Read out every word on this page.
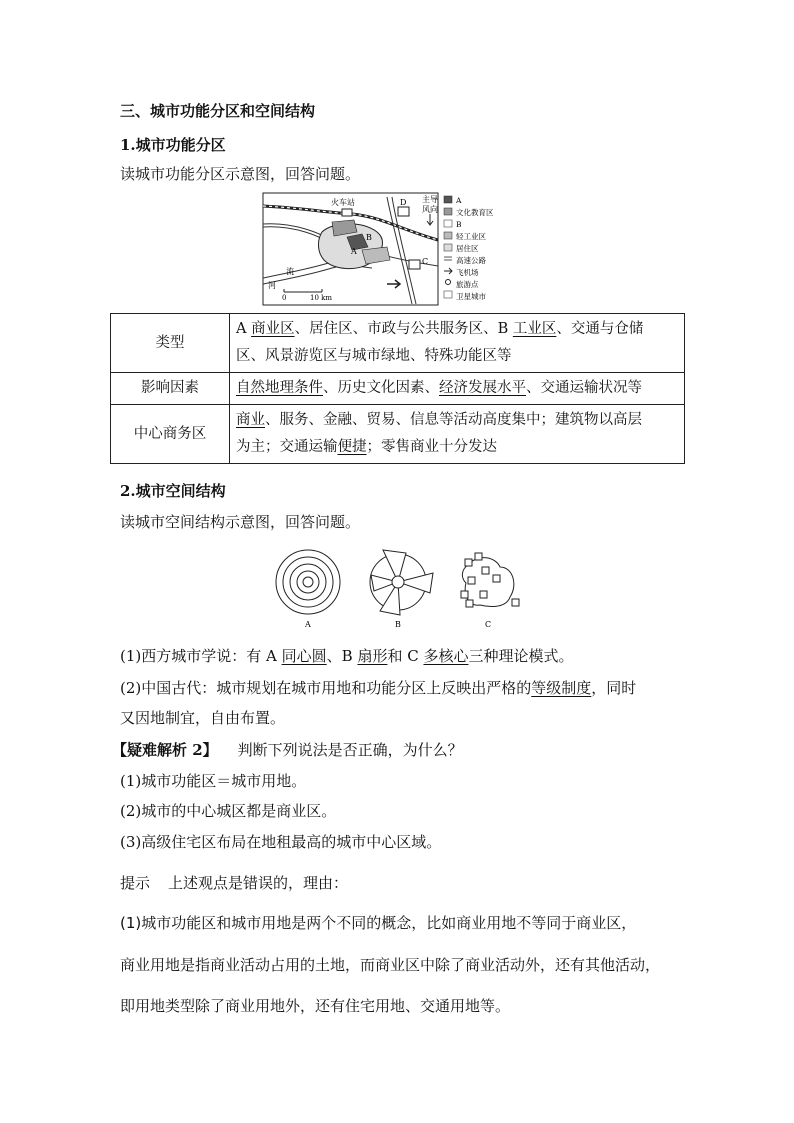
三、城市功能分区和空间结构
1.城市功能分区
读城市功能分区示意图，回答问题。
火车站
B
A
C
D 主导
风向
流
河
0	10 km
A
文化教育区
B
轻工业区
居住区
高速公路
飞机场
旅游点
卫星城市
类型	A 商业区、居住区、市政与公共服务区、B 工业区、交通与仓储
区、风景游览区与城市绿地、特殊功能区等
影响因素	自然地理条件、历史文化因素、经济发展水平、交通运输状况等
中心商务区	商业、服务、金融、贸易、信息等活动高度集中；建筑物以高层
为主；交通运输便捷；零售商业十分发达
2.城市空间结构
读城市空间结构示意图，回答问题。
A	B	C
(1)西方城市学说：有 A 同心圆、B 扇形和 C 多核心三种理论模式。
(2)中国古代：城市规划在城市用地和功能分区上反映出严格的等级制度，同时
又因地制宜，自由布置。
【疑难解析 2】 判断下列说法是否正确，为什么？
(1)城市功能区＝城市用地。
(2)城市的中心城区都是商业区。
(3)高级住宅区布局在地租最高的城市中心区域。
提示 上述观点是错误的，理由：
(1)城市功能区和城市用地是两个不同的概念，比如商业用地不等同于商业区，
商业用地是指商业活动占用的土地，而商业区中除了商业活动外，还有其他活动，
即用地类型除了商业用地外，还有住宅用地、交通用地等。
